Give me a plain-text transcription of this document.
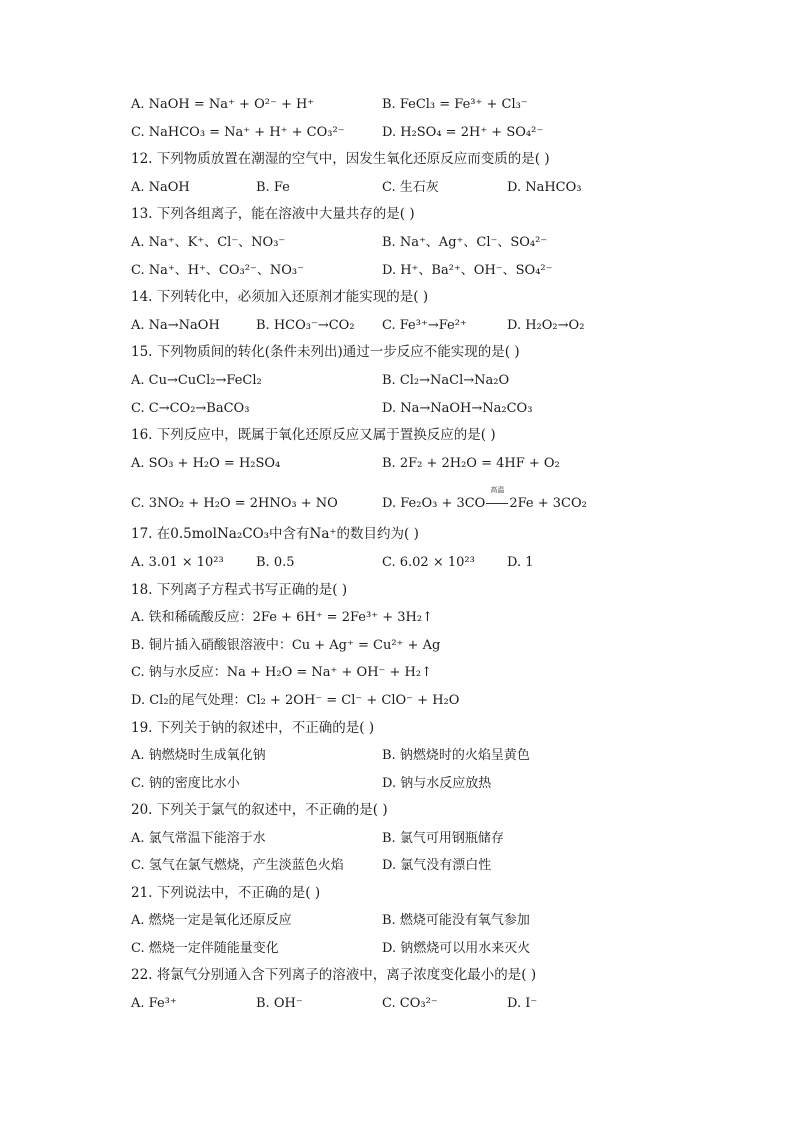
A. NaOH = Na⁺ + O²⁻ + H⁺	B. FeCl₃ = Fe³⁺ + Cl₃⁻
C. NaHCO₃ = Na⁺ + H⁺ + CO₃²⁻	D. H₂SO₄ = 2H⁺ + SO₄²⁻
12. 下列物质放置在潮湿的空气中，因发生氧化还原反应而变质的是( )
A. NaOH	B. Fe	C. 生石灰	D. NaHCO₃
13. 下列各组离子，能在溶液中大量共存的是( )
A. Na⁺、K⁺、Cl⁻、NO₃⁻	B. Na⁺、Ag⁺、Cl⁻、SO₄²⁻
C. Na⁺、H⁺、CO₃²⁻、NO₃⁻	D. H⁺、Ba²⁺、OH⁻、SO₄²⁻
14. 下列转化中，必须加入还原剂才能实现的是( )
A. Na→NaOH	B. HCO₃⁻→CO₂ C. Fe³⁺→Fe²⁺	D. H₂O₂→O₂
15. 下列物质间的转化(条件未列出)通过一步反应不能实现的是( )
A. Cu→CuCl₂→FeCl₂	B. Cl₂→NaCl→Na₂O
C. C→CO₂→BaCO₃	D. Na→NaOH→Na₂CO₃
16. 下列反应中，既属于氧化还原反应又属于置换反应的是( )
A. SO₃ + H₂O = H₂SO₄	B. 2F₂ + 2H₂O = 4HF + O₂
C. 3NO₂ + H₂O = 2HNO₃ + NO	D. Fe₂O₃ + 3CO
高温
2Fe + 3CO₂
17. 在0.5molNa₂CO₃中含有Na⁺的数目约为( )
A. 3.01 × 10²³ B. 0.5	C. 6.02 × 10²³ D. 1
18. 下列离子方程式书写正确的是( )
A. 铁和稀硫酸反应：2Fe + 6H⁺ = 2Fe³⁺ + 3H₂↑
B. 铜片插入硝酸银溶液中：Cu + Ag⁺ = Cu²⁺ + Ag
C. 钠与水反应：Na + H₂O = Na⁺ + OH⁻ + H₂↑
D. Cl₂的尾气处理：Cl₂ + 2OH⁻ = Cl⁻ + ClO⁻ + H₂O
19. 下列关于钠的叙述中，不正确的是( )
A. 钠燃烧时生成氧化钠	B. 钠燃烧时的火焰呈黄色
C. 钠的密度比水小	D. 钠与水反应放热
20. 下列关于氯气的叙述中，不正确的是( )
A. 氯气常温下能溶于水	B. 氯气可用钢瓶储存
C. 氢气在氯气燃烧，产生淡蓝色火焰	D. 氯气没有漂白性
21. 下列说法中，不正确的是( )
A. 燃烧一定是氧化还原反应	B. 燃烧可能没有氧气参加
C. 燃烧一定伴随能量变化	D. 钠燃烧可以用水来灭火
22. 将氯气分别通入含下列离子的溶液中，离子浓度变化最小的是( )
A. Fe³⁺	B. OH⁻	C. CO₃²⁻	D. I⁻
